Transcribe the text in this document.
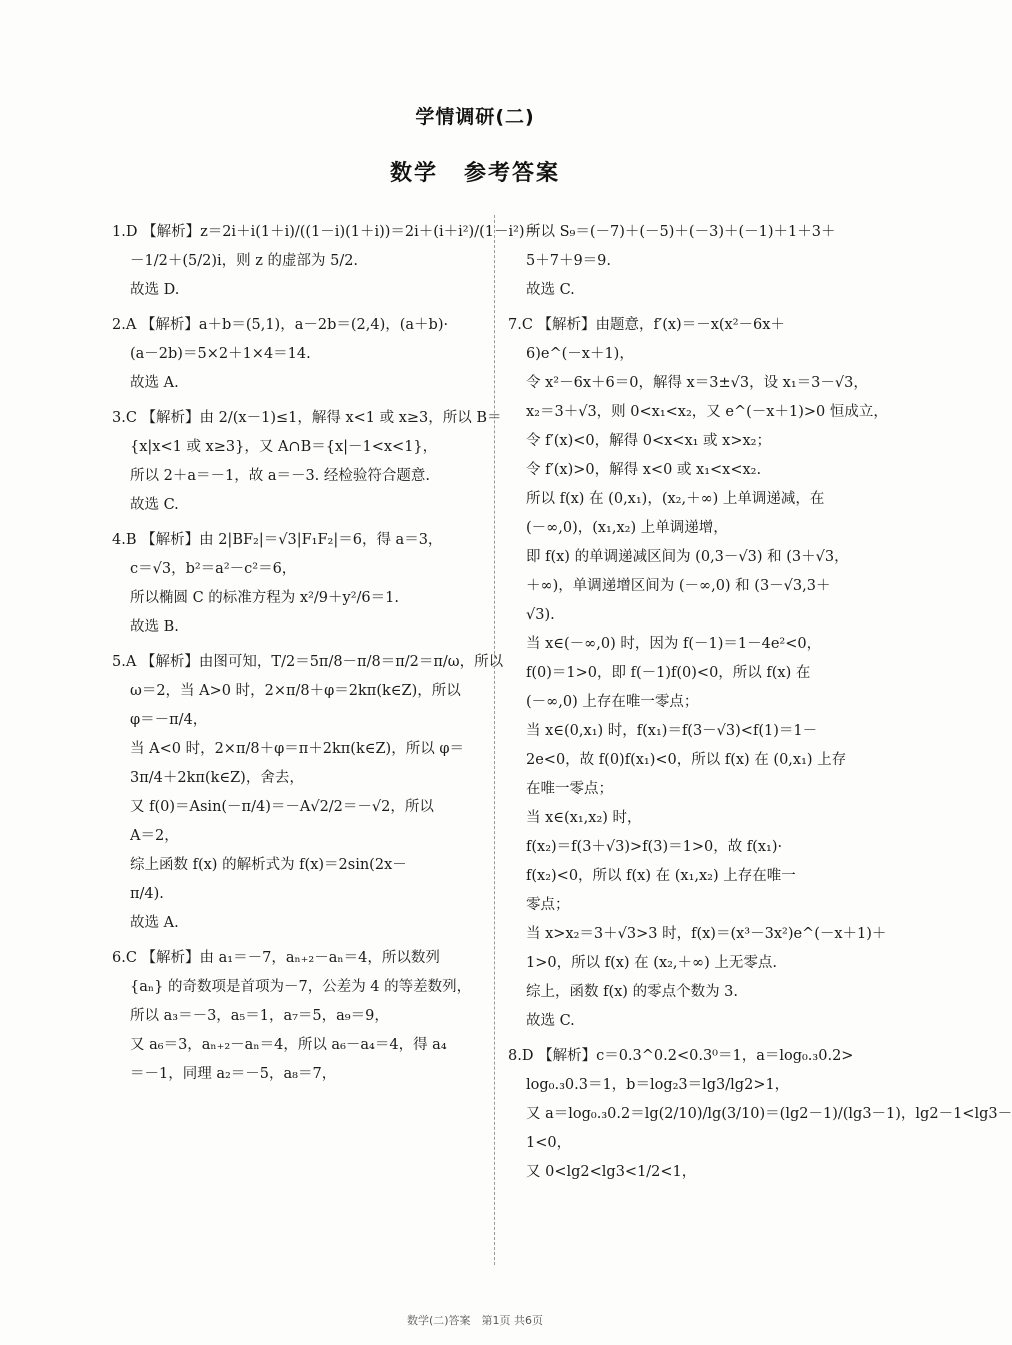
学情调研(二)
数学 参考答案
1.D 【解析】z＝2i＋i(1＋i)/((1－i)(1＋i))＝2i＋(i＋i²)/(1－i²)＝
－1/2＋(5/2)i，则 z 的虚部为 5/2.
故选 D.
2.A 【解析】a＋b＝(5,1)，a－2b＝(2,4)，(a＋b)·
(a－2b)＝5×2＋1×4＝14.
故选 A.
3.C 【解析】由 2/(x－1)≤1，解得 x<1 或 x≥3，所以 B＝
{x|x<1 或 x≥3}，又 A∩B＝{x|－1<x<1}，
所以 2＋a＝－1，故 a＝－3. 经检验符合题意.
故选 C.
4.B 【解析】由 2|BF₂|＝√3|F₁F₂|＝6，得 a＝3，
c＝√3，b²＝a²－c²＝6，
所以椭圆 C 的标准方程为 x²/9＋y²/6＝1.
故选 B.
5.A 【解析】由图可知，T/2＝5π/8－π/8＝π/2＝π/ω，所以
ω＝2，当 A>0 时，2×π/8＋φ＝2kπ(k∈Z)，所以
φ＝－π/4，
当 A<0 时，2×π/8＋φ＝π＋2kπ(k∈Z)，所以 φ＝
3π/4＋2kπ(k∈Z)，舍去，
又 f(0)＝Asin(－π/4)＝－A√2/2＝－√2，所以
A＝2，
综上函数 f(x) 的解析式为 f(x)＝2sin(2x－
π/4).
故选 A.
6.C 【解析】由 a₁＝－7，aₙ₊₂－aₙ＝4，所以数列
{aₙ} 的奇数项是首项为－7，公差为 4 的等差数列，
所以 a₃＝－3，a₅＝1，a₇＝5，a₉＝9，
又 a₆＝3，aₙ₊₂－aₙ＝4，所以 a₆－a₄＝4，得 a₄
＝－1，同理 a₂＝－5，a₈＝7，
所以 S₉＝(－7)＋(－5)＋(－3)＋(－1)＋1＋3＋
5＋7＋9＝9.
故选 C.
7.C 【解析】由题意，f′(x)＝－x(x²－6x＋
6)e^(－x＋1)，
令 x²－6x＋6＝0，解得 x＝3±√3，设 x₁＝3－√3，
x₂＝3＋√3，则 0<x₁<x₂，又 e^(－x＋1)>0 恒成立，
令 f′(x)<0，解得 0<x<x₁ 或 x>x₂；
令 f′(x)>0，解得 x<0 或 x₁<x<x₂.
所以 f(x) 在 (0,x₁)，(x₂,＋∞) 上单调递减，在
(－∞,0)，(x₁,x₂) 上单调递增，
即 f(x) 的单调递减区间为 (0,3－√3) 和 (3＋√3，
＋∞)，单调递增区间为 (－∞,0) 和 (3－√3,3＋
√3).
当 x∈(－∞,0) 时，因为 f(－1)＝1－4e²<0，
f(0)＝1>0，即 f(－1)f(0)<0，所以 f(x) 在
(－∞,0) 上存在唯一零点；
当 x∈(0,x₁) 时，f(x₁)＝f(3－√3)<f(1)＝1－
2e<0，故 f(0)f(x₁)<0，所以 f(x) 在 (0,x₁) 上存
在唯一零点；
当 x∈(x₁,x₂) 时，
f(x₂)＝f(3＋√3)>f(3)＝1>0，故 f(x₁)·
f(x₂)<0，所以 f(x) 在 (x₁,x₂) 上存在唯一
零点；
当 x>x₂＝3＋√3>3 时，f(x)＝(x³－3x²)e^(－x＋1)＋
1>0，所以 f(x) 在 (x₂,＋∞) 上无零点.
综上，函数 f(x) 的零点个数为 3.
故选 C.
8.D 【解析】c＝0.3^0.2<0.3⁰＝1，a＝log₀.₃0.2>
log₀.₃0.3＝1，b＝log₂3＝lg3/lg2>1，
又 a＝log₀.₃0.2＝lg(2/10)/lg(3/10)＝(lg2－1)/(lg3－1)，lg2－1<lg3－
1<0，
又 0<lg2<lg3<1/2<1，
数学(二)答案　第1页 共6页
